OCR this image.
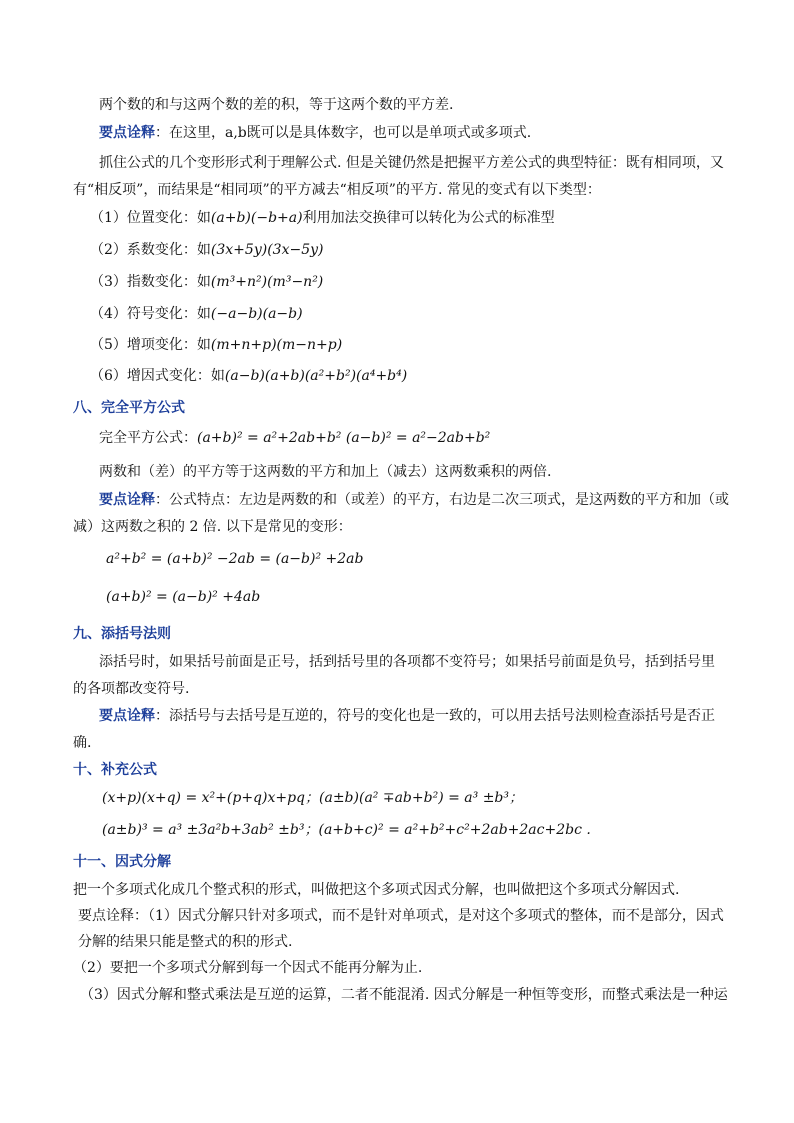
两个数的和与这两个数的差的积，等于这两个数的平方差.
要点诠释：在这里，a,b既可以是具体数字，也可以是单项式或多项式.
抓住公式的几个变形形式利于理解公式. 但是关键仍然是把握平方差公式的典型特征：既有相同项，又
有“相反项”，而结果是“相同项”的平方减去“相反项”的平方. 常见的变式有以下类型：
（1）位置变化：如(a+b)(−b+a)利用加法交换律可以转化为公式的标准型
（2）系数变化：如(3x+5y)(3x−5y)
（3）指数变化：如(m³+n²)(m³−n²)
（4）符号变化：如(−a−b)(a−b)
（5）增项变化：如(m+n+p)(m−n+p)
（6）增因式变化：如(a−b)(a+b)(a²+b²)(a⁴+b⁴)
八、完全平方公式
完全平方公式：(a+b)² = a²+2ab+b² (a−b)² = a²−2ab+b²
两数和（差）的平方等于这两数的平方和加上（减去）这两数乘积的两倍.
要点诠释：公式特点：左边是两数的和（或差）的平方，右边是二次三项式，是这两数的平方和加（或
减）这两数之积的 2 倍. 以下是常见的变形：
a²+b² = (a+b)² −2ab = (a−b)² +2ab
(a+b)² = (a−b)² +4ab
九、添括号法则
添括号时，如果括号前面是正号，括到括号里的各项都不变符号；如果括号前面是负号，括到括号里
的各项都改变符号.
要点诠释：添括号与去括号是互逆的，符号的变化也是一致的，可以用去括号法则检查添括号是否正
确.
十、补充公式
(x+p)(x+q) = x²+(p+q)x+pq；(a±b)(a² ∓ab+b²) = a³ ±b³；
(a±b)³ = a³ ±3a²b+3ab² ±b³；(a+b+c)² = a²+b²+c²+2ab+2ac+2bc .
十一、因式分解
把一个多项式化成几个整式积的形式，叫做把这个多项式因式分解，也叫做把这个多项式分解因式.
要点诠释：（1）因式分解只针对多项式，而不是针对单项式，是对这个多项式的整体，而不是部分，因式
分解的结果只能是整式的积的形式.
（2）要把一个多项式分解到每一个因式不能再分解为止.
（3）因式分解和整式乘法是互逆的运算，二者不能混淆. 因式分解是一种恒等变形，而整式乘法是一种运
